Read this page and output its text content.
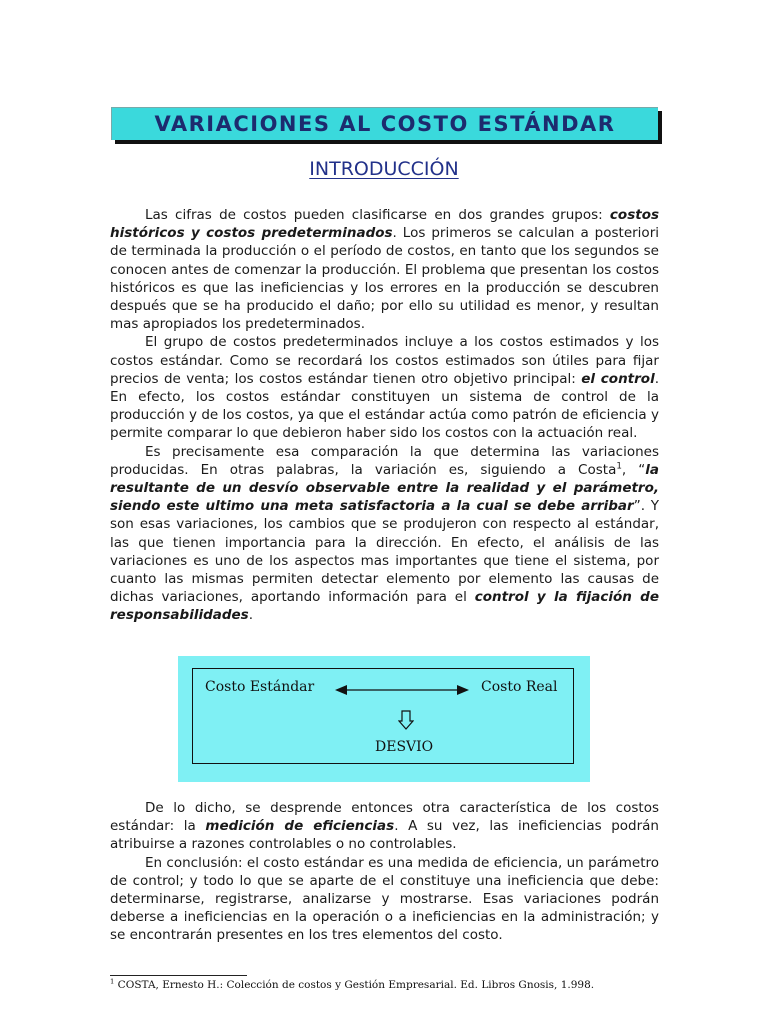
VARIACIONES AL COSTO ESTÁNDAR
INTRODUCCIÓN

Las cifras de costos pueden clasificarse en dos grandes grupos: costos históricos y costos predeterminados. Los primeros se calculan a posteriori de terminada la producción o el período de costos, en tanto que los segundos se conocen antes de comenzar la producción. El problema que presentan los costos históricos es que las ineficiencias y los errores en la producción se descubren después que se ha producido el daño; por ello su utilidad es menor, y resultan mas apropiados los predeterminados.

El grupo de costos predeterminados incluye a los costos estimados y los costos estándar. Como se recordará los costos estimados son útiles para fijar precios de venta; los costos estándar tienen otro objetivo principal: el control. En efecto, los costos estándar constituyen un sistema de control de la producción y de los costos, ya que el estándar actúa como patrón de eficiencia y permite comparar lo que debieron haber sido los costos con la actuación real.

Es precisamente esa comparación la que determina las variaciones producidas. En otras palabras, la variación es, siguiendo a Costa$^1$, “la resultante de un desvío observable entre la realidad y el parámetro, siendo este ultimo una meta satisfactoria a la cual se debe arribar”. Y son esas variaciones, los cambios que se produjeron con respecto al estándar, las que tienen importancia para la dirección. En efecto, el análisis de las variaciones es uno de los aspectos mas importantes que tiene el sistema, por cuanto las mismas permiten detectar elemento por elemento las causas de dichas variaciones, aportando información para el control y la fijación de responsabilidades.

Costo Estándar	Costo Real
DESVIO

De lo dicho, se desprende entonces otra característica de los costos estándar: la medición de eficiencias. A su vez, las ineficiencias podrán atribuirse a razones controlables o no controlables.

En conclusión: el costo estándar es una medida de eficiencia, un parámetro de control; y todo lo que se aparte de el constituye una ineficiencia que debe: determinarse, registrarse, analizarse y mostrarse. Esas variaciones podrán deberse a ineficiencias en la operación o a ineficiencias en la administración; y se encontrarán presentes en los tres elementos del costo.

$^1$ COSTA, Ernesto H.: Colección de costos y Gestión Empresarial. Ed. Libros Gnosis, 1.998.
